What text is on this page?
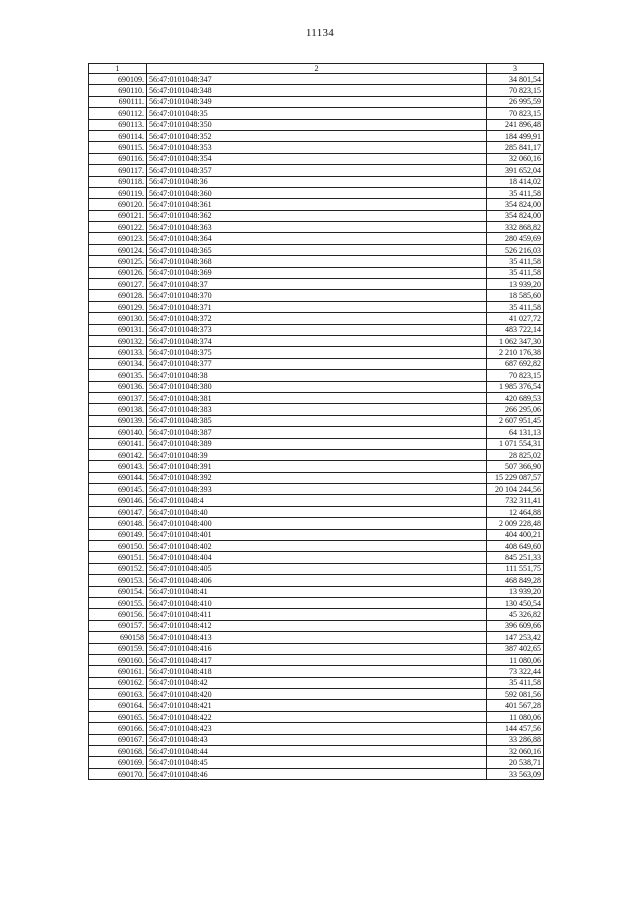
11134
1	2	3
690109.	56:47:0101048:347	34 801,54
690110.	56:47:0101048:348	70 823,15
690111.	56:47:0101048:349	26 995,59
690112.	56:47:0101048:35	70 823,15
690113.	56:47:0101048:350	241 896,48
690114.	56:47:0101048:352	184 499,91
690115.	56:47:0101048:353	285 841,17
690116.	56:47:0101048:354	32 060,16
690117.	56:47:0101048:357	391 652,04
690118.	56:47:0101048:36	18 414,02
690119.	56:47:0101048:360	35 411,58
690120.	56:47:0101048:361	354 824,00
690121.	56:47:0101048:362	354 824,00
690122.	56:47:0101048:363	332 868,82
690123.	56:47:0101048:364	280 459,69
690124.	56:47:0101048:365	526 216,03
690125.	56:47:0101048:368	35 411,58
690126.	56:47:0101048:369	35 411,58
690127.	56:47:0101048:37	13 939,20
690128.	56:47:0101048:370	18 585,60
690129.	56:47:0101048:371	35 411,58
690130.	56:47:0101048:372	41 027,72
690131.	56:47:0101048:373	483 722,14
690132.	56:47:0101048:374	1 062 347,30
690133.	56:47:0101048:375	2 210 176,38
690134.	56:47:0101048:377	687 692,82
690135.	56:47:0101048:38	70 823,15
690136.	56:47:0101048:380	1 985 376,54
690137.	56:47:0101048:381	420 689,53
690138.	56:47:0101048:383	266 295,06
690139.	56:47:0101048:385	2 607 951,45
690140.	56:47:0101048:387	64 131,13
690141.	56:47:0101048:389	1 071 554,31
690142.	56:47:0101048:39	28 825,02
690143.	56:47:0101048:391	507 366,90
690144.	56:47:0101048:392	15 229 087,57
690145.	56:47:0101048:393	20 104 244,56
690146.	56:47:0101048:4	732 311,41
690147.	56:47:0101048:40	12 464,88
690148.	56:47:0101048:400	2 009 228,48
690149.	56:47:0101048:401	404 400,21
690150.	56:47:0101048:402	408 649,60
690151.	56:47:0101048:404	845 251,33
690152.	56:47:0101048:405	111 551,75
690153.	56:47:0101048:406	468 849,28
690154.	56:47:0101048:41	13 939,20
690155.	56:47:0101048:410	130 450,54
690156.	56:47:0101048:411	45 326,82
690157.	56:47:0101048:412	396 609,66
690158	56:47:0101048:413	147 253,42
690159.	56:47:0101048:416	387 402,65
690160.	56:47:0101048:417	11 080,06
690161.	56:47:0101048:418	73 322,44
690162.	56:47:0101048:42	35 411,58
690163.	56:47:0101048:420	592 081,56
690164.	56:47:0101048:421	401 567,28
690165.	56:47:0101048:422	11 080,06
690166.	56:47:0101048:423	144 457,56
690167.	56:47:0101048:43	33 286,88
690168.	56:47:0101048:44	32 060,16
690169.	56:47:0101048:45	20 538,71
690170.	56:47:0101048:46	33 563,09
